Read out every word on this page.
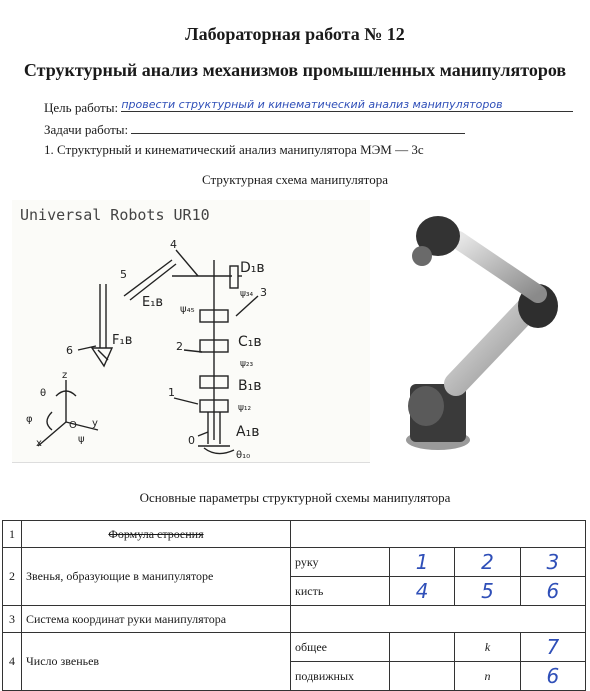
Лабораторная работа № 12
Структурный анализ механизмов промышленных манипуляторов
Цель работы: провести структурный и кинематический анализ манипуляторов
Задачи работы:
1. Структурный и кинематический анализ манипулятора МЭМ — 3с
Структурная схема манипулятора
Universal Robots UR10
4
5
3
2
1
6
0
D₁в
ψ₃₄
E₁в ψ₄₅
F₁в	C₁в
ψ₂₃
B₁в
ψ₁₂
A₁в
θ₁₀
z
θ
φ
O y
x	ψ
Основные параметры структурной схемы манипулятора
1	Формула строения				
2	Звенья, образующие в манипуляторе	руку	1	2	3
		кисть	4	5	6
3	Система координат руки манипулятора				
4	Число звеньев	общее		k	7
		подвижных		n	6
